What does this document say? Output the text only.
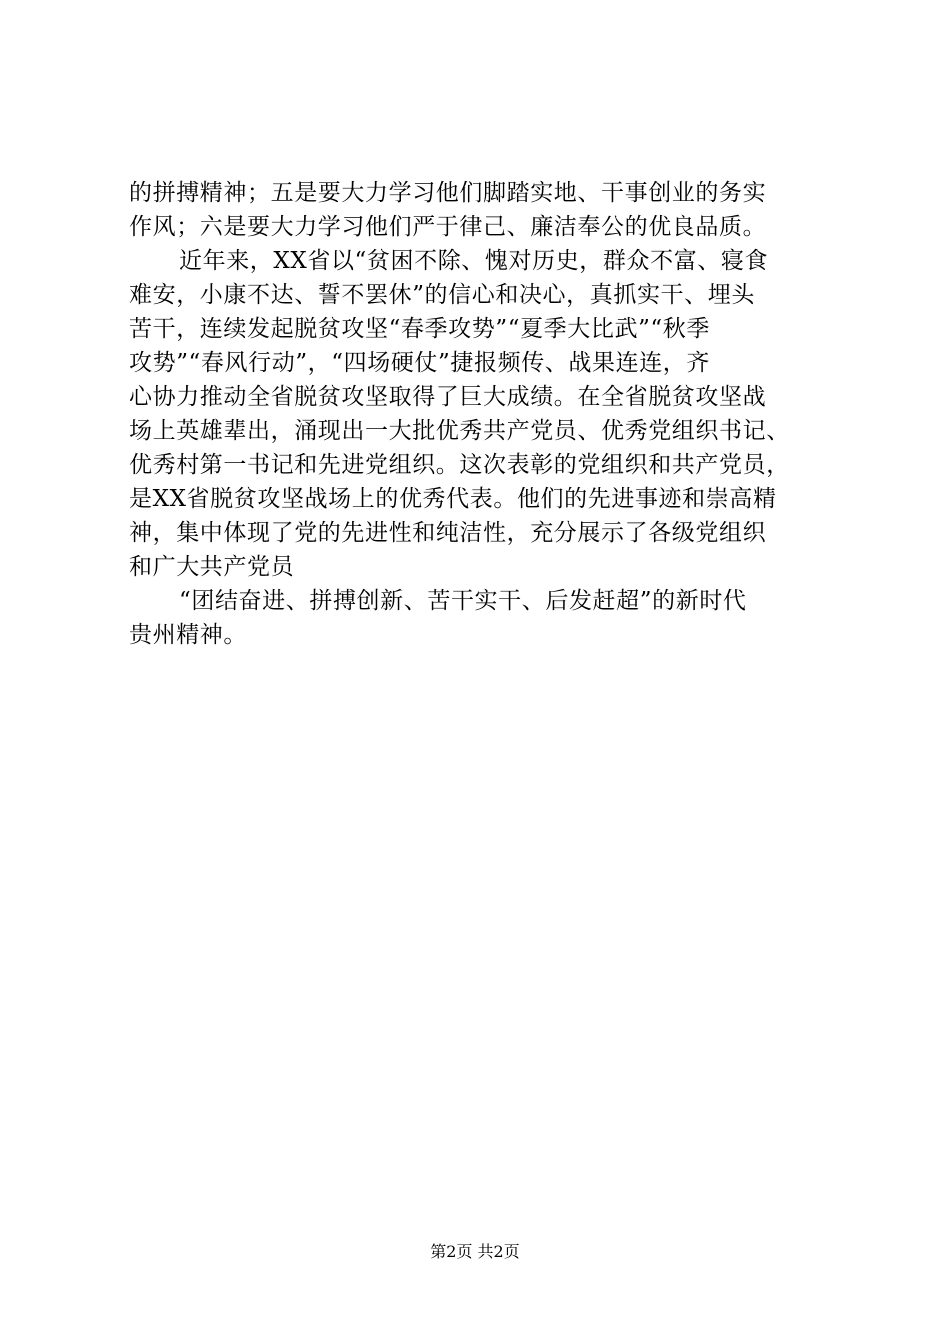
的拼搏精神；五是要大力学习他们脚踏实地、干事创业的务实
作风；六是要大力学习他们严于律己、廉洁奉公的优良品质。
近年来，XX省以“贫困不除、愧对历史，群众不富、寝食
难安，小康不达、誓不罢休”的信心和决心，真抓实干、埋头
苦干，连续发起脱贫攻坚“春季攻势”“夏季大比武”“秋季
攻势”“春风行动”，“四场硬仗”捷报频传、战果连连，齐
心协力推动全省脱贫攻坚取得了巨大成绩。在全省脱贫攻坚战
场上英雄辈出，涌现出一大批优秀共产党员、优秀党组织书记、
优秀村第一书记和先进党组织。这次表彰的党组织和共产党员，
是XX省脱贫攻坚战场上的优秀代表。他们的先进事迹和崇高精
神，集中体现了党的先进性和纯洁性，充分展示了各级党组织
和广大共产党员
“团结奋进、拼搏创新、苦干实干、后发赶超”的新时代
贵州精神。
第2页 共2页
